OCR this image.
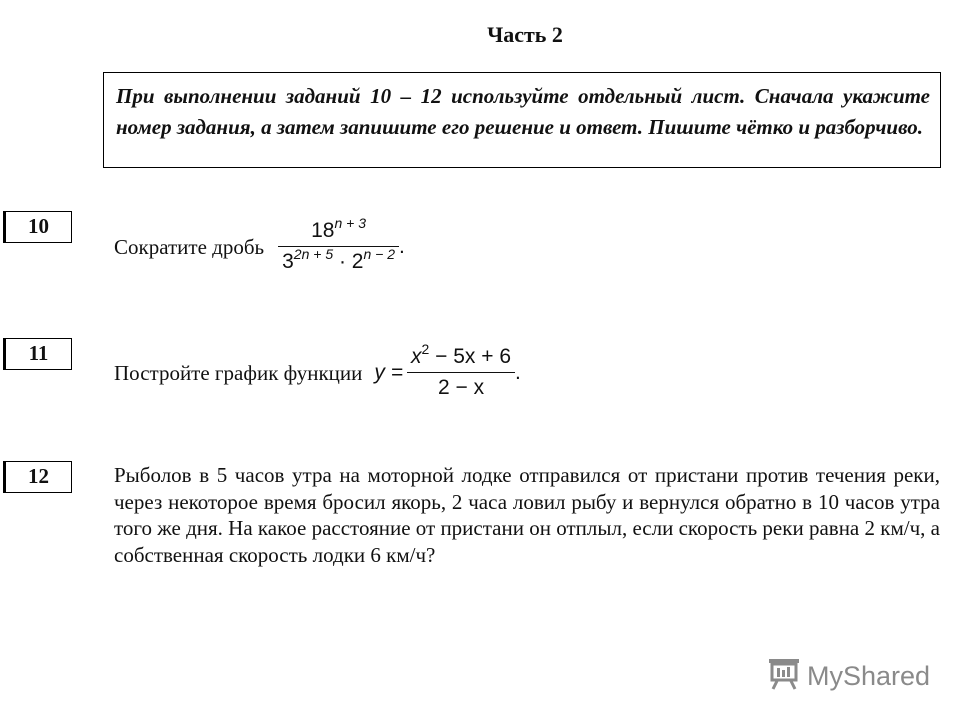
Часть 2
При выполнении заданий 10 – 12 используйте отдельный лист. Сначала укажите номер задания, а затем запишите его решение и ответ. Пишите чётко и разборчиво.
10
Сократите дробь $\frac{18^{n + 3}}{3^{2n + 5} \cdot 2^{n - 2}}$ .
11
Постройте график функции $y = \frac{x^2 - 5x + 6}{2 - x}$ .
12	Рыболов в 5 часов утра на моторной лодке отправился от пристани против течения реки, через некоторое время бросил якорь, 2 часа ловил рыбу и вернулся обратно в 10 часов утра того же дня. На какое расстояние от пристани он отплыл, если скорость реки равна 2 км/ч, а собственная скорость лодки 6 км/ч?
MyShared
